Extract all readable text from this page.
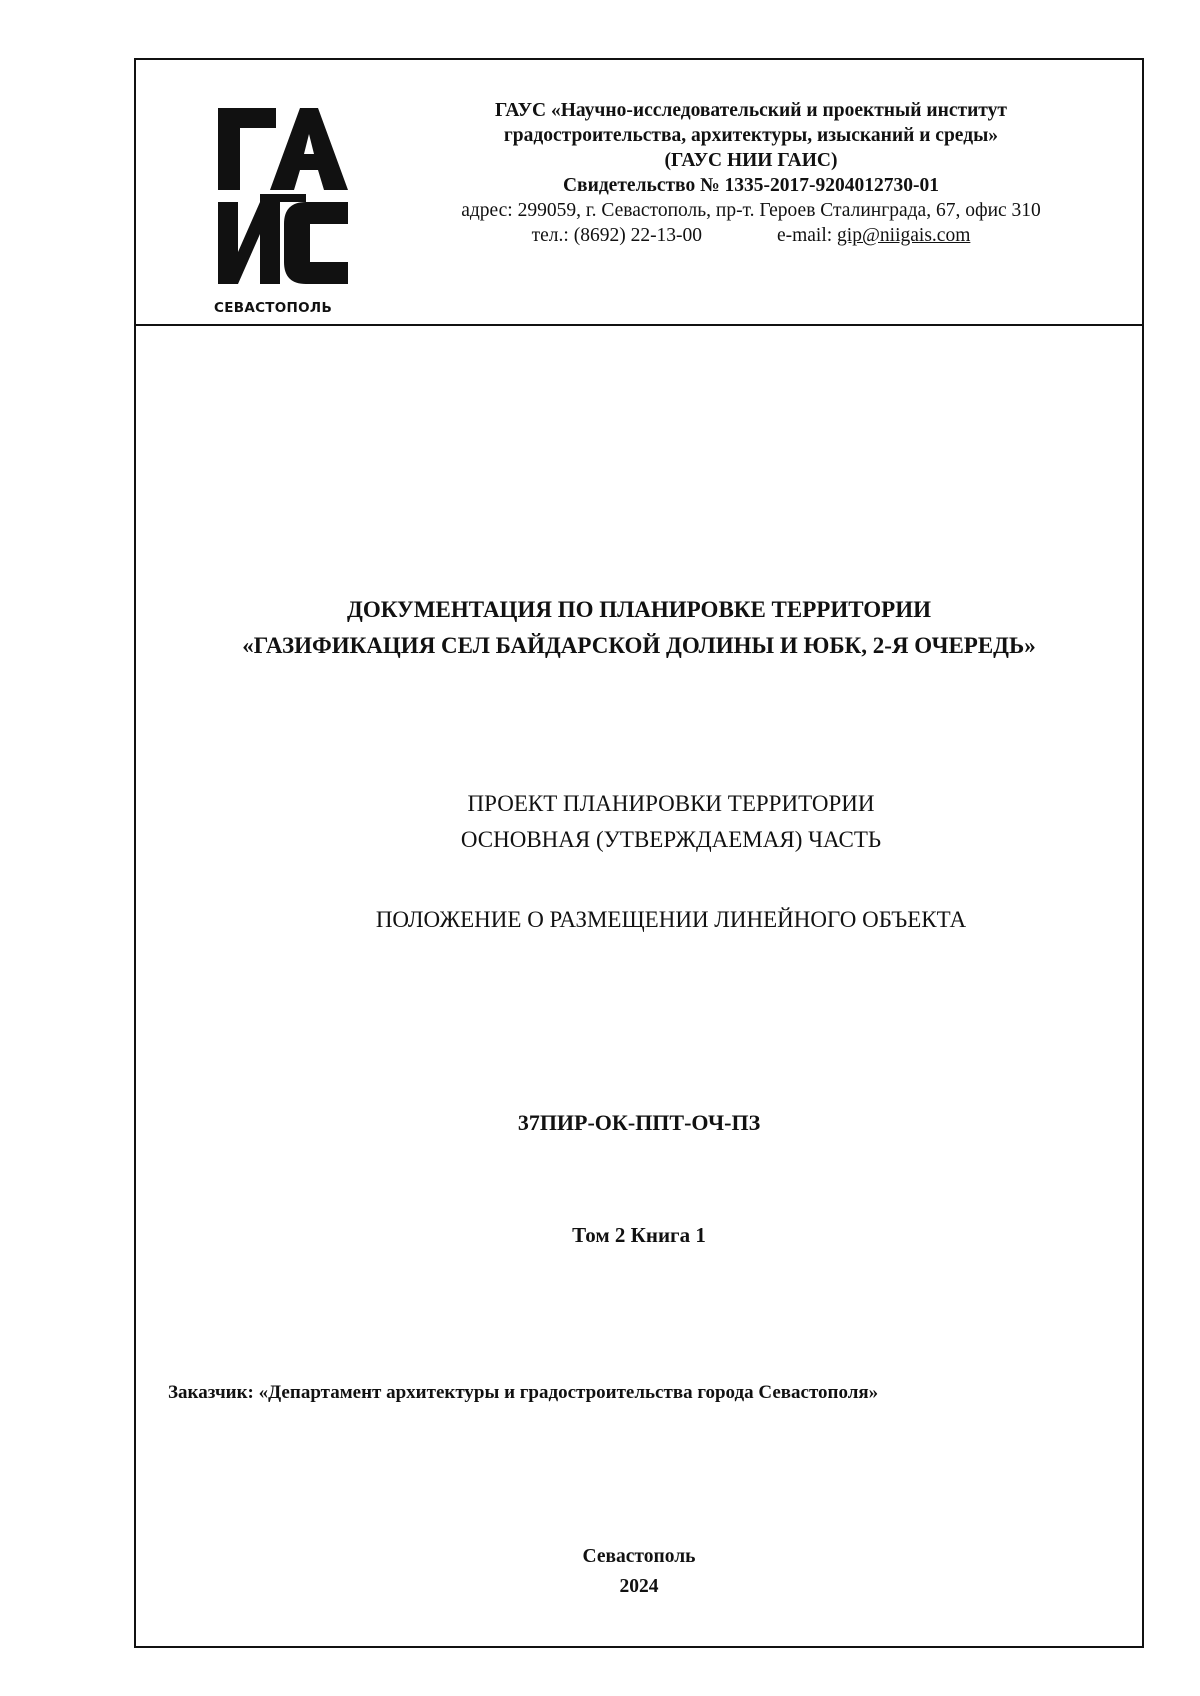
СЕВАСТОПОЛЬ
ГАУС «Научно-исследовательский и проектный институт
градостроительства, архитектуры, изысканий и среды»
(ГАУС НИИ ГАИС)
Свидетельство № 1335-2017-9204012730-01
адрес: 299059, г. Севастополь, пр-т. Героев Сталинграда, 67, офис 310
тел.: (8692) 22-13-00	e-mail: gip@niigais.com
ДОКУМЕНТАЦИЯ ПО ПЛАНИРОВКЕ ТЕРРИТОРИИ
«ГАЗИФИКАЦИЯ СЕЛ БАЙДАРСКОЙ ДОЛИНЫ И ЮБК, 2-Я ОЧЕРЕДЬ»
ПРОЕКТ ПЛАНИРОВКИ ТЕРРИТОРИИ
ОСНОВНАЯ (УТВЕРЖДАЕМАЯ) ЧАСТЬ
ПОЛОЖЕНИЕ О РАЗМЕЩЕНИИ ЛИНЕЙНОГО ОБЪЕКТА
37ПИР-ОК-ППТ-ОЧ-ПЗ
Том 2 Книга 1
Заказчик: «Департамент архитектуры и градостроительства города Севастополя»
Севастополь
2024
